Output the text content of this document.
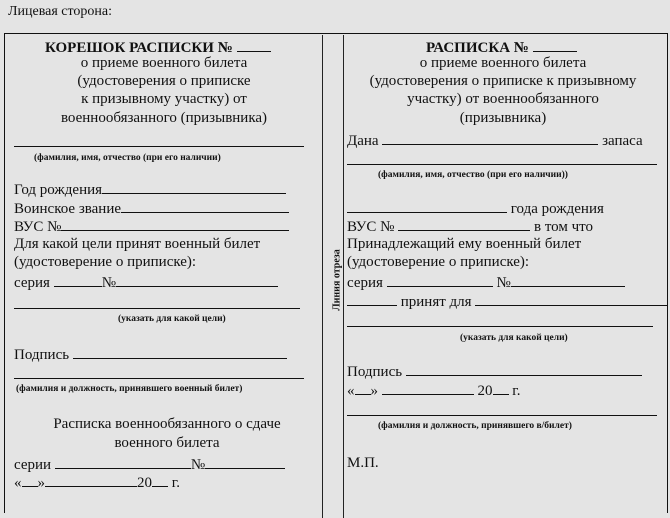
Лицевая сторона:
Линия отреза
КОРЕШОК РАСПИСКИ №
о приеме военного билета
(удостоверения о приписке
к призывному участку) от
военнообязанного (призывника)
(фамилия, имя, отчество (при его наличии)
Год рождения
Воинское звание
ВУС №
Для какой цели принят военный билет
(удостоверение о приписке):
серия	№
(указать для какой цели)
Подпись
(фамилия и должность, принявшего военный билет)
Расписка военнообязанного о сдаче
военного билета
серии	№
« »	20 г.
РАСПИСКА №
о приеме военного билета
(удостоверения о приписке к призывному
участку) от военнообязанного
(призывника)
Дана	запаса
(фамилия, имя, отчество (при его наличии))
года рождения
ВУС №	в том что
Принадлежащий ему военный билет
(удостоверение о приписке):
серия	№
принят для
(указать для какой цели)
Подпись
« »	20 г.
(фамилия и должность, принявшего в/билет)
М.П.
